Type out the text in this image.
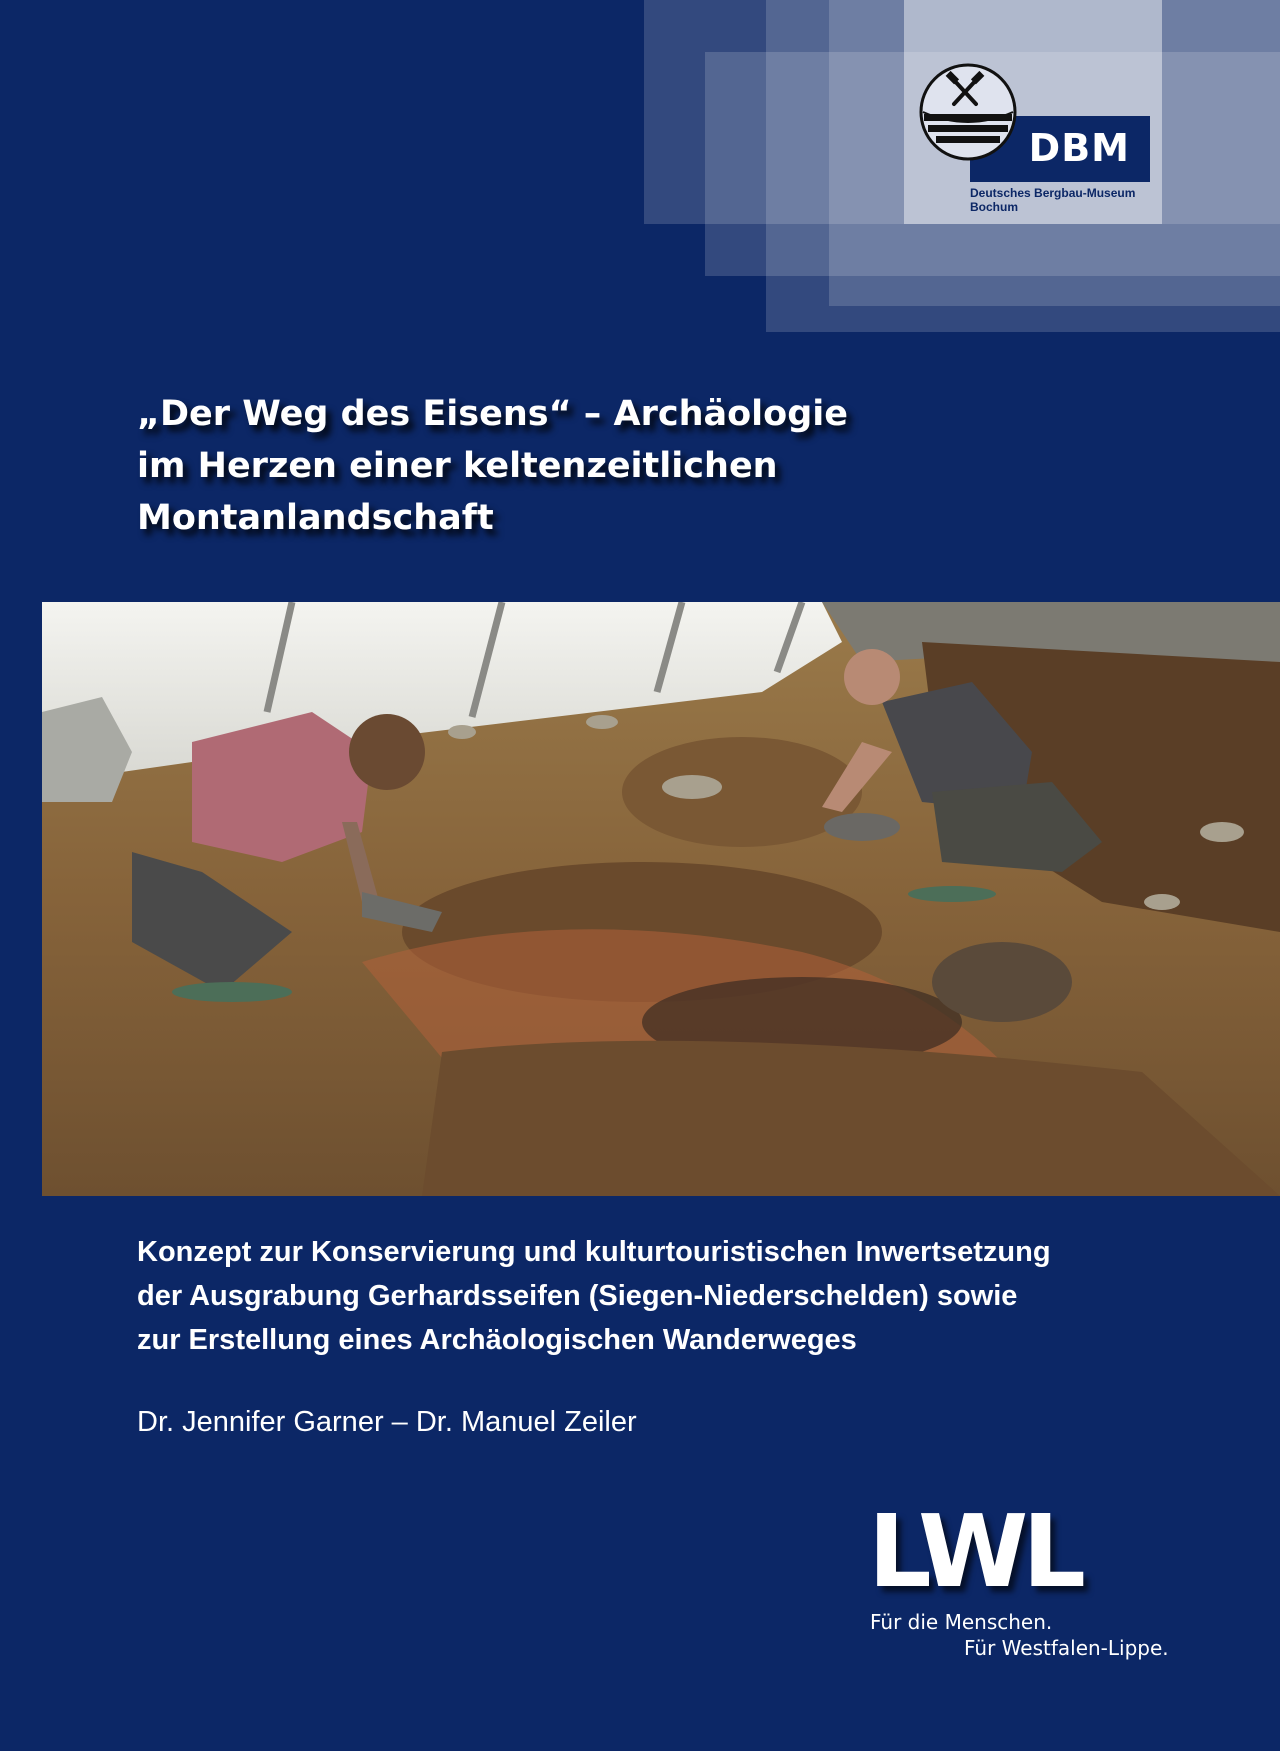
DBM
Deutsches Bergbau-Museum
Bochum
„Der Weg des Eisens“ – Archäologie
im Herzen einer keltenzeitlichen
Montanlandschaft
Konzept zur Konservierung und kulturtouristischen Inwertsetzung
der Ausgrabung Gerhardsseifen (Siegen-Niederschelden) sowie
zur Erstellung eines Archäologischen Wanderweges
Dr. Jennifer Garner – Dr. Manuel Zeiler
LWL
Für die Menschen.
Für Westfalen-Lippe.
